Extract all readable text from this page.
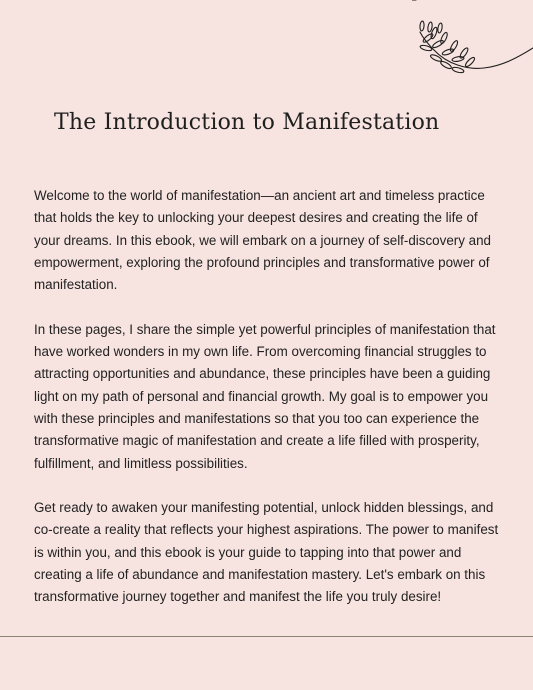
The Introduction to Manifestation

Welcome to the world of manifestation—an ancient art and timeless practice that holds the key to unlocking your deepest desires and creating the life of your dreams. In this ebook, we will embark on a journey of self-discovery and empowerment, exploring the profound principles and transformative power of manifestation.

In these pages, I share the simple yet powerful principles of manifestation that have worked wonders in my own life. From overcoming financial struggles to attracting opportunities and abundance, these principles have been a guiding light on my path of personal and financial growth. My goal is to empower you with these principles and manifestations so that you too can experience the transformative magic of manifestation and create a life filled with prosperity, fulfillment, and limitless possibilities.

Get ready to awaken your manifesting potential, unlock hidden blessings, and co-create a reality that reflects your highest aspirations. The power to manifest is within you, and this ebook is your guide to tapping into that power and creating a life of abundance and manifestation mastery. Let's embark on this transformative journey together and manifest the life you truly desire!
